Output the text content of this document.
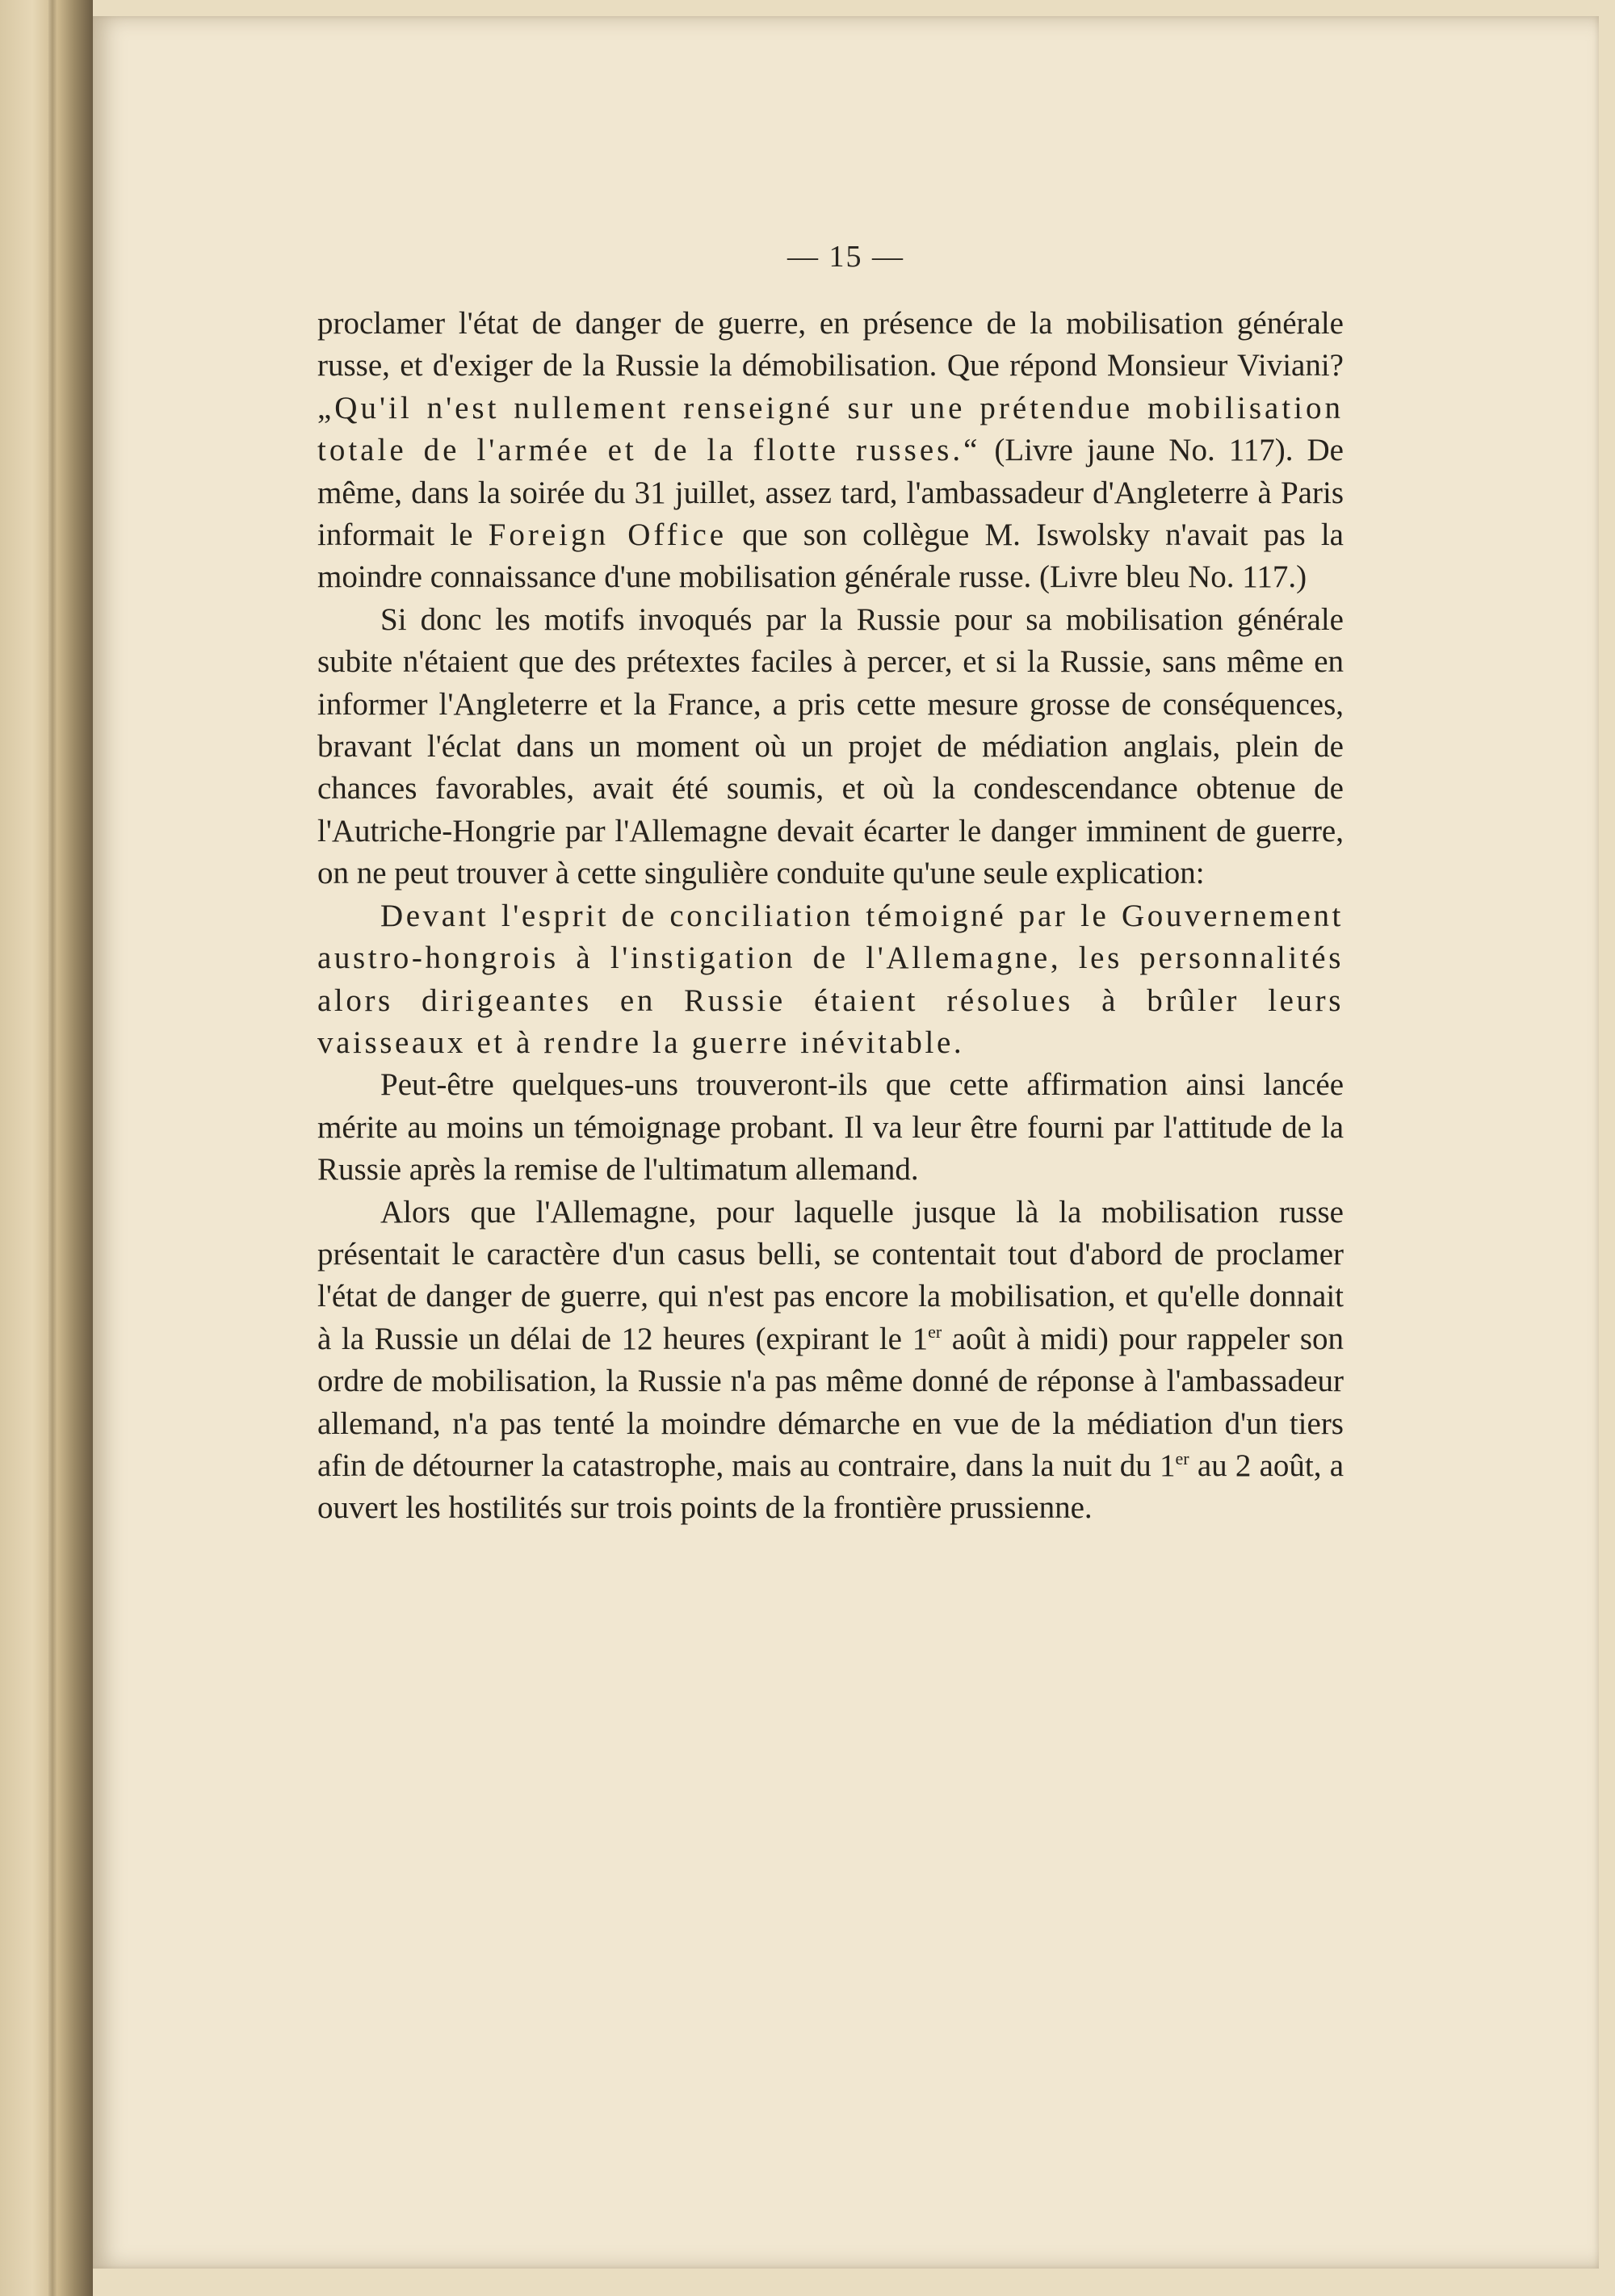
— 15 —

proclamer l'état de danger de guerre, en présence de la mobilisation générale russe, et d'exiger de la Russie la démobilisation. Que répond Monsieur Viviani? „Qu'il n'est nullement renseigné sur une prétendue mobilisation totale de l'armée et de la flotte russes.“ (Livre jaune No. 117). De même, dans la soirée du 31 juillet, assez tard, l'ambassadeur d'Angleterre à Paris informait le Foreign Office que son collègue M. Iswolsky n'avait pas la moindre connaissance d'une mobilisation générale russe. (Livre bleu No. 117.)

Si donc les motifs invoqués par la Russie pour sa mobilisation générale subite n'étaient que des prétextes faciles à percer, et si la Russie, sans même en informer l'Angleterre et la France, a pris cette mesure grosse de conséquences, bravant l'éclat dans un moment où un projet de médiation anglais, plein de chances favorables, avait été soumis, et où la condescendance obtenue de l'Autriche-Hongrie par l'Allemagne devait écarter le danger imminent de guerre, on ne peut trouver à cette singulière conduite qu'une seule explication:

Devant l'esprit de conciliation témoigné par le Gouvernement austro-hongrois à l'instigation de l'Allemagne, les personnalités alors dirigeantes en Russie étaient résolues à brûler leurs vaisseaux et à rendre la guerre inévitable.

Peut-être quelques-uns trouveront-ils que cette affirmation ainsi lancée mérite au moins un témoignage probant. Il va leur être fourni par l'attitude de la Russie après la remise de l'ultimatum allemand.

Alors que l'Allemagne, pour laquelle jusque là la mobilisation russe présentait le caractère d'un casus belli, se contentait tout d'abord de proclamer l'état de danger de guerre, qui n'est pas encore la mobilisation, et qu'elle donnait à la Russie un délai de 12 heures (expirant le 1er août à midi) pour rappeler son ordre de mobilisation, la Russie n'a pas même donné de réponse à l'ambassadeur allemand, n'a pas tenté la moindre démarche en vue de la médiation d'un tiers afin de détourner la catastrophe, mais au contraire, dans la nuit du 1er au 2 août, a ouvert les hostilités sur trois points de la frontière prussienne.
